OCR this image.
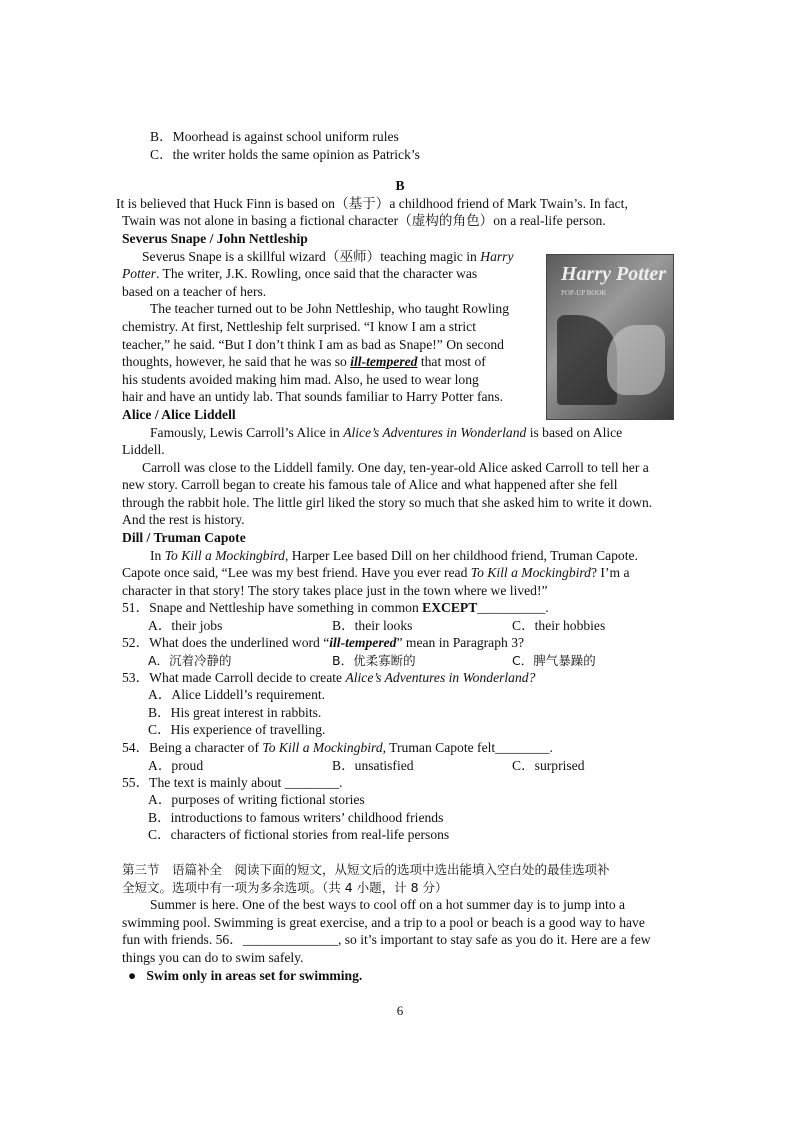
B．Moorhead is against school uniform rules

C．the writer holds the same opinion as Patrick’s

B

It is believed that Huck Finn is based on（基于）a childhood friend of Mark Twain’s. In fact,

Twain was not alone in basing a fictional character（虚构的角色）on a real-life person.

Severus Snape / John Nettleship

Severus Snape is a skillful wizard（巫师）teaching magic in Harry

Potter. The writer, J.K. Rowling, once said that the character was

based on a teacher of hers.

The teacher turned out to be John Nettleship, who taught Rowling

chemistry. At first, Nettleship felt surprised. “I know I am a strict

teacher,” he said. “But I don’t think I am as bad as Snape!” On second

thoughts, however, he said that he was so ill-tempered that most of

his students avoided making him mad. Also, he used to wear long

hair and have an untidy lab. That sounds familiar to Harry Potter fans.

Alice / Alice Liddell

Famously, Lewis Carroll’s Alice in Alice’s Adventures in Wonderland is based on Alice

Liddell.

Carroll was close to the Liddell family. One day, ten-year-old Alice asked Carroll to tell her a

new story. Carroll began to create his famous tale of Alice and what happened after she fell

through the rabbit hole. The little girl liked the story so much that she asked him to write it down.

And the rest is history.

Dill / Truman Capote

In To Kill a Mockingbird, Harper Lee based Dill on her childhood friend, Truman Capote.

Capote once said, “Lee was my best friend. Have you ever read To Kill a Mockingbird? I’m a

character in that story! The story takes place just in the town where we lived!”

51．Snape and Nettleship have something in common EXCEPT__________.

A．their jobs	B．their looks	C．their hobbies

52．What does the underlined word “ill-tempered” mean in Paragraph 3?

A．沉着冷静的	B．优柔寡断的	C．脾气暴躁的

53．What made Carroll decide to create Alice’s Adventures in Wonderland?

A．Alice Liddell’s requirement.

B．His great interest in rabbits.

C．His experience of travelling.

54．Being a character of To Kill a Mockingbird, Truman Capote felt________.

A．proud	B．unsatisfied	C．surprised

55．The text is mainly about ________.

A．purposes of writing fictional stories

B．introductions to famous writers’ childhood friends

C．characters of fictional stories from real-life persons

第三节　语篇补全　阅读下面的短文，从短文后的选项中选出能填入空白处的最佳选项补

全短文。选项中有一项为多余选项。（共 4 小题，计 8 分）

Summer is here. One of the best ways to cool off on a hot summer day is to jump into a

swimming pool. Swimming is great exercise, and a trip to a pool or beach is a good way to have

fun with friends. 56．______________, so it’s important to stay safe as you do it. Here are a few

things you can do to swim safely.

● Swim only in areas set for swimming.

Harry Potter
POP-UP BOOK
6
